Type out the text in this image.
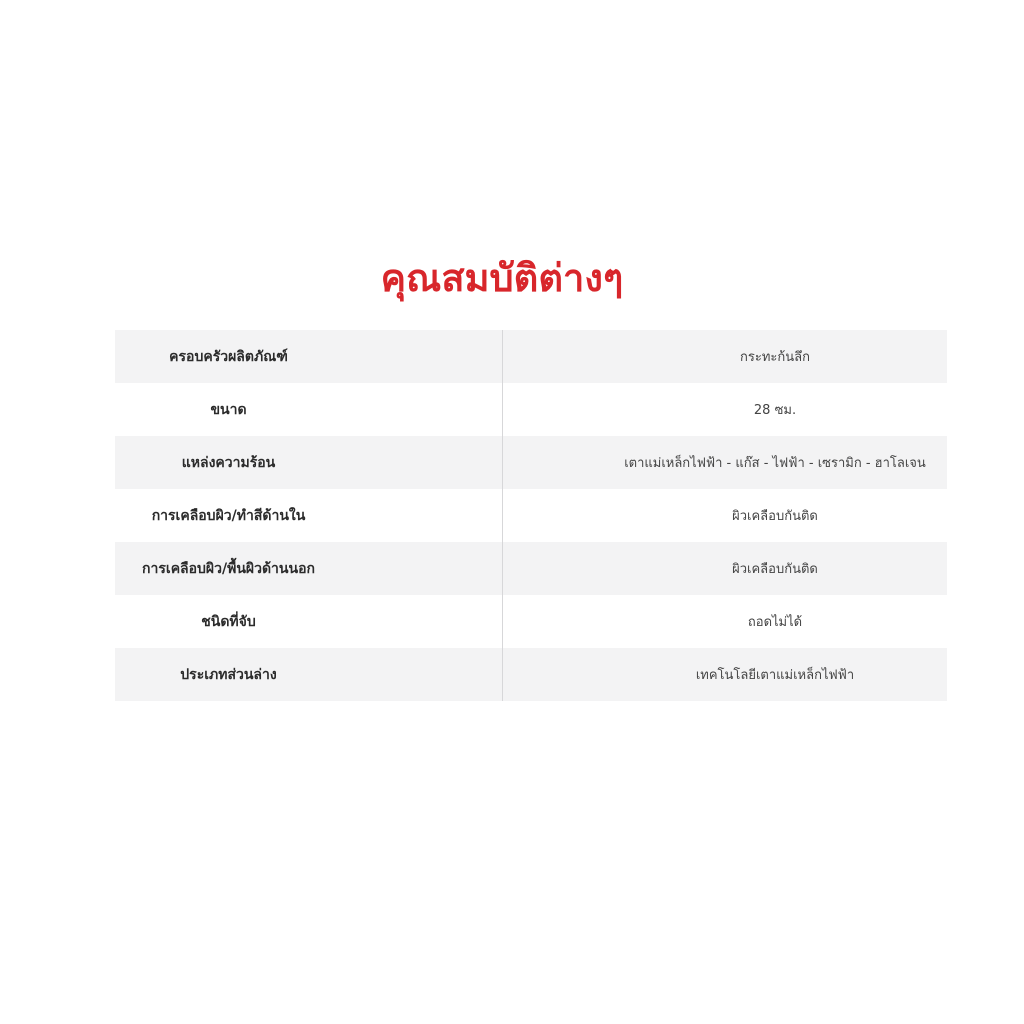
คุณสมบัติต่างๆ
ครอบครัวผลิตภัณฑ์	กระทะก้นลึก
ขนาด	28 ซม.
แหล่งความร้อน	เตาแม่เหล็กไฟฟ้า - แก๊ส - ไฟฟ้า - เซรามิก - ฮาโลเจน
การเคลือบผิว/ทำสีด้านใน	ผิวเคลือบกันติด
การเคลือบผิว/พื้นผิวด้านนอก	ผิวเคลือบกันติด
ชนิดที่จับ	ถอดไม่ได้
ประเภทส่วนล่าง	เทคโนโลยีเตาแม่เหล็กไฟฟ้า
